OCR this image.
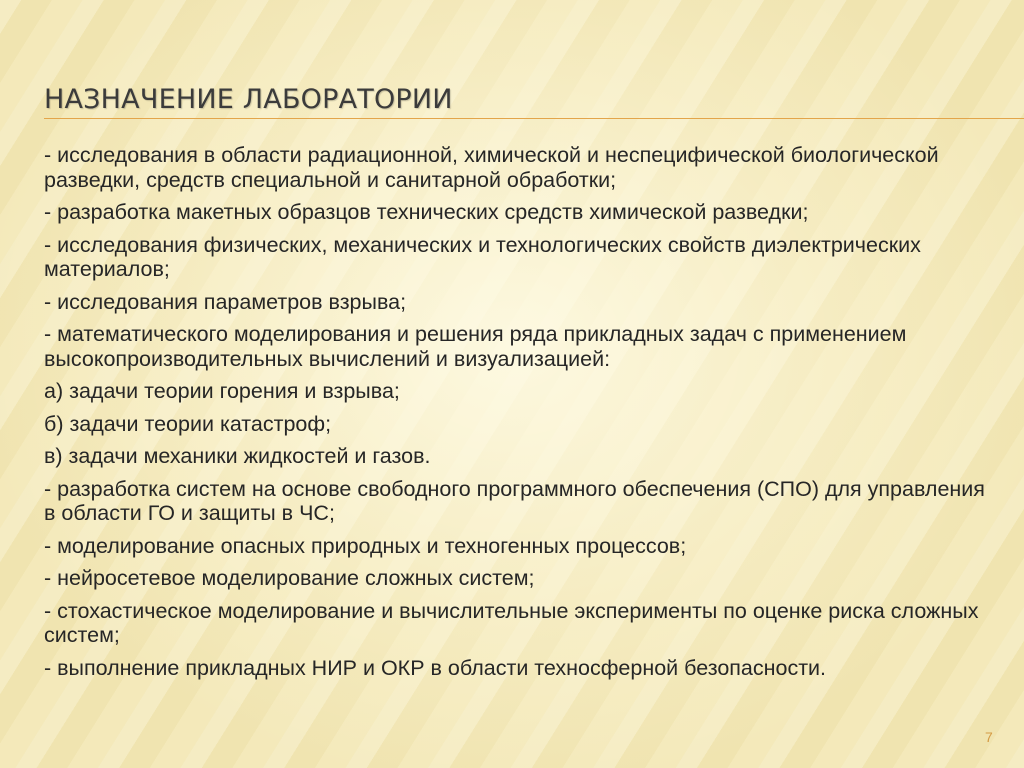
НАЗНАЧЕНИЕ ЛАБОРАТОРИИ

- исследования в области радиационной, химической и неспецифической биологической разведки, средств специальной и санитарной обработки;

- разработка макетных образцов технических средств химической разведки;

- исследования физических, механических и технологических свойств диэлектрических материалов;

- исследования параметров взрыва;

- математического моделирования и решения ряда прикладных задач с применением высокопроизводительных вычислений и визуализацией:

а) задачи теории горения и взрыва;

б) задачи теории катастроф;

в) задачи механики жидкостей и газов.

- разработка систем на основе свободного программного обеспечения (СПО) для управления в области ГО и защиты в ЧС;

- моделирование опасных природных и техногенных процессов;

- нейросетевое моделирование сложных систем;

- стохастическое моделирование и вычислительные эксперименты по оценке риска сложных систем;

- выполнение прикладных НИР и ОКР в области техносферной безопасности.

7
